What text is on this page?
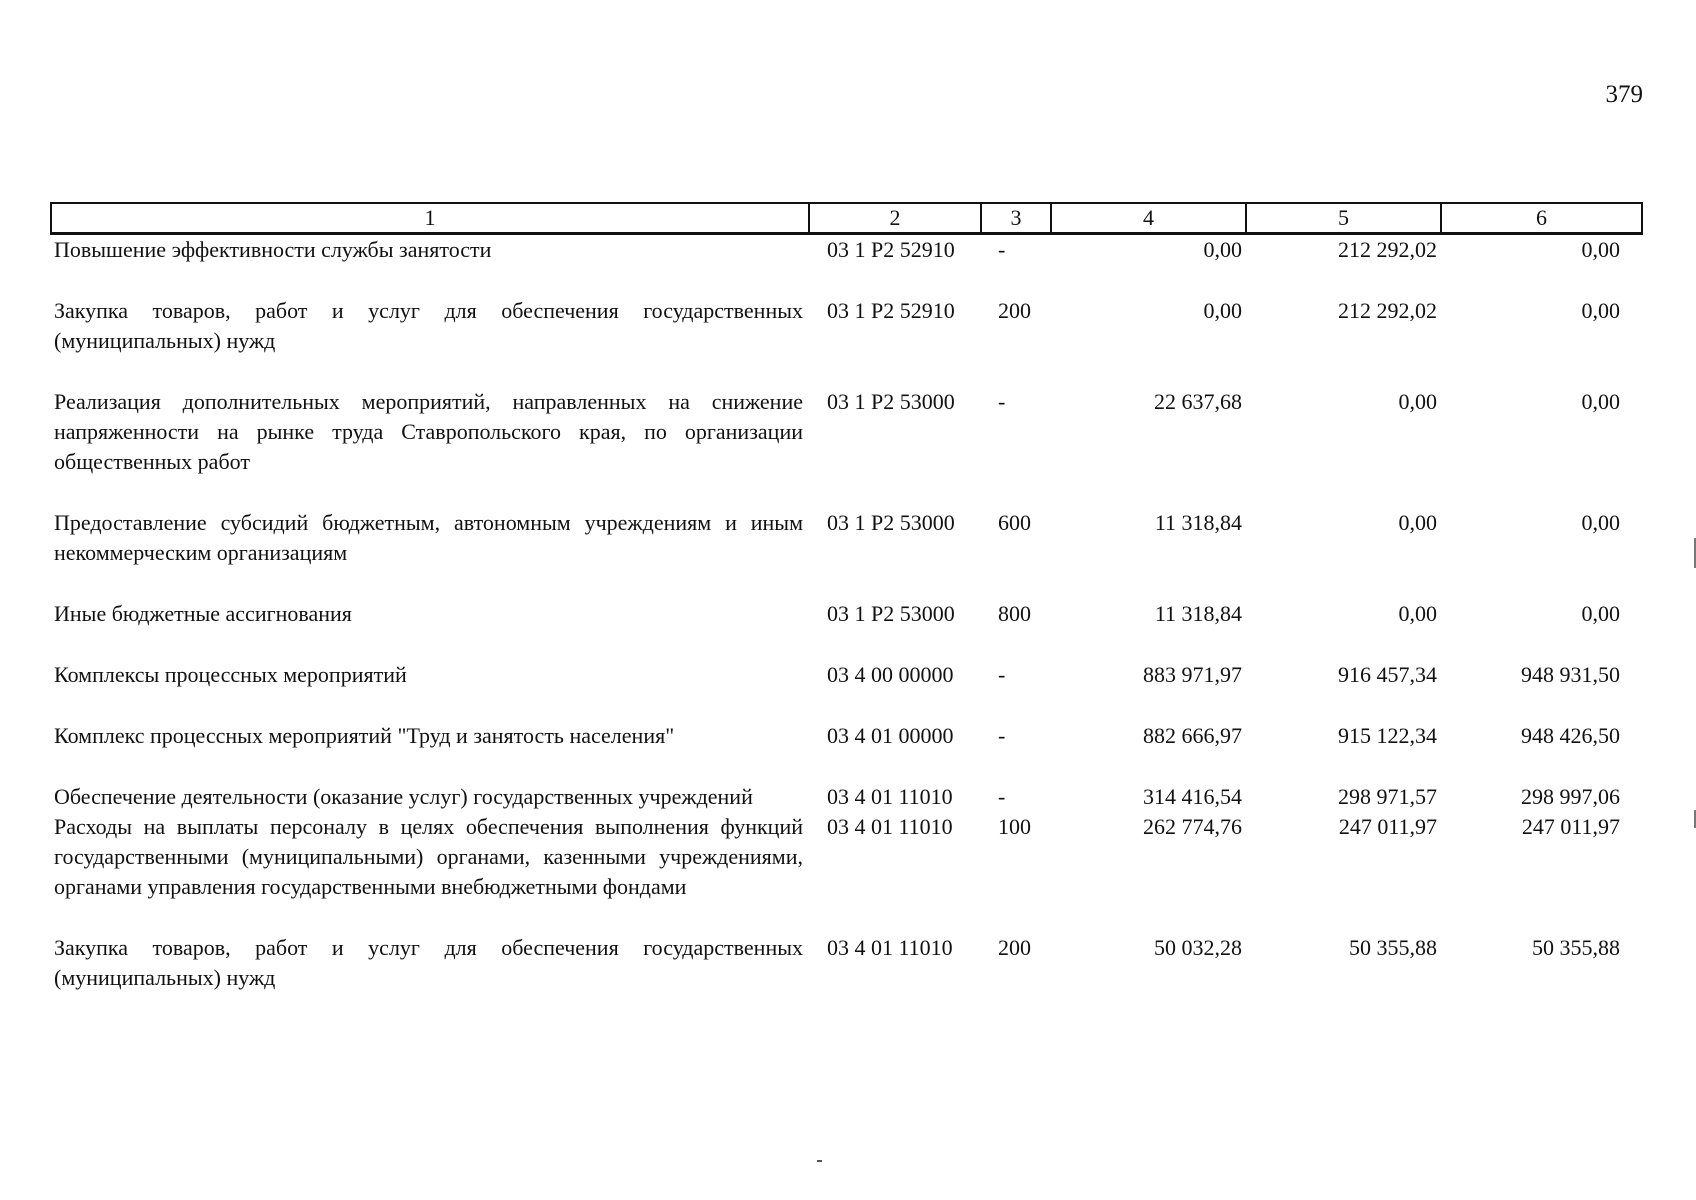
379
1	2	3	4	5	6
Повышение эффективности службы занятости	03 1 P2 52910	-	0,00	212 292,02	0,00
Закупка товаров, работ и услуг для обеспечения государственных (муниципальных) нужд	03 1 P2 52910	200	0,00	212 292,02	0,00
Реализация дополнительных мероприятий, направленных на снижение напряженности на рынке труда Ставропольского края, по организации общественных работ	03 1 P2 53000	-	22 637,68	0,00	0,00
Предоставление субсидий бюджетным, автономным учреждениям и иным некоммерческим организациям	03 1 P2 53000	600	11 318,84	0,00	0,00
Иные бюджетные ассигнования	03 1 P2 53000	800	11 318,84	0,00	0,00
Комплексы процессных мероприятий	03 4 00 00000	-	883 971,97	916 457,34	948 931,50
Комплекс процессных мероприятий "Труд и занятость населения"	03 4 01 00000	-	882 666,97	915 122,34	948 426,50
Обеспечение деятельности (оказание услуг) государственных учреждений	03 4 01 11010	-	314 416,54	298 971,57	298 997,06
Расходы на выплаты персоналу в целях обеспечения выполнения функций государственными (муниципальными) органами, казенными учреждениями, органами управления государственными внебюджетными фондами	03 4 01 11010	100	262 774,76	247 011,97	247 011,97
Закупка товаров, работ и услуг для обеспечения государственных (муниципальных) нужд	03 4 01 11010	200	50 032,28	50 355,88	50 355,88
